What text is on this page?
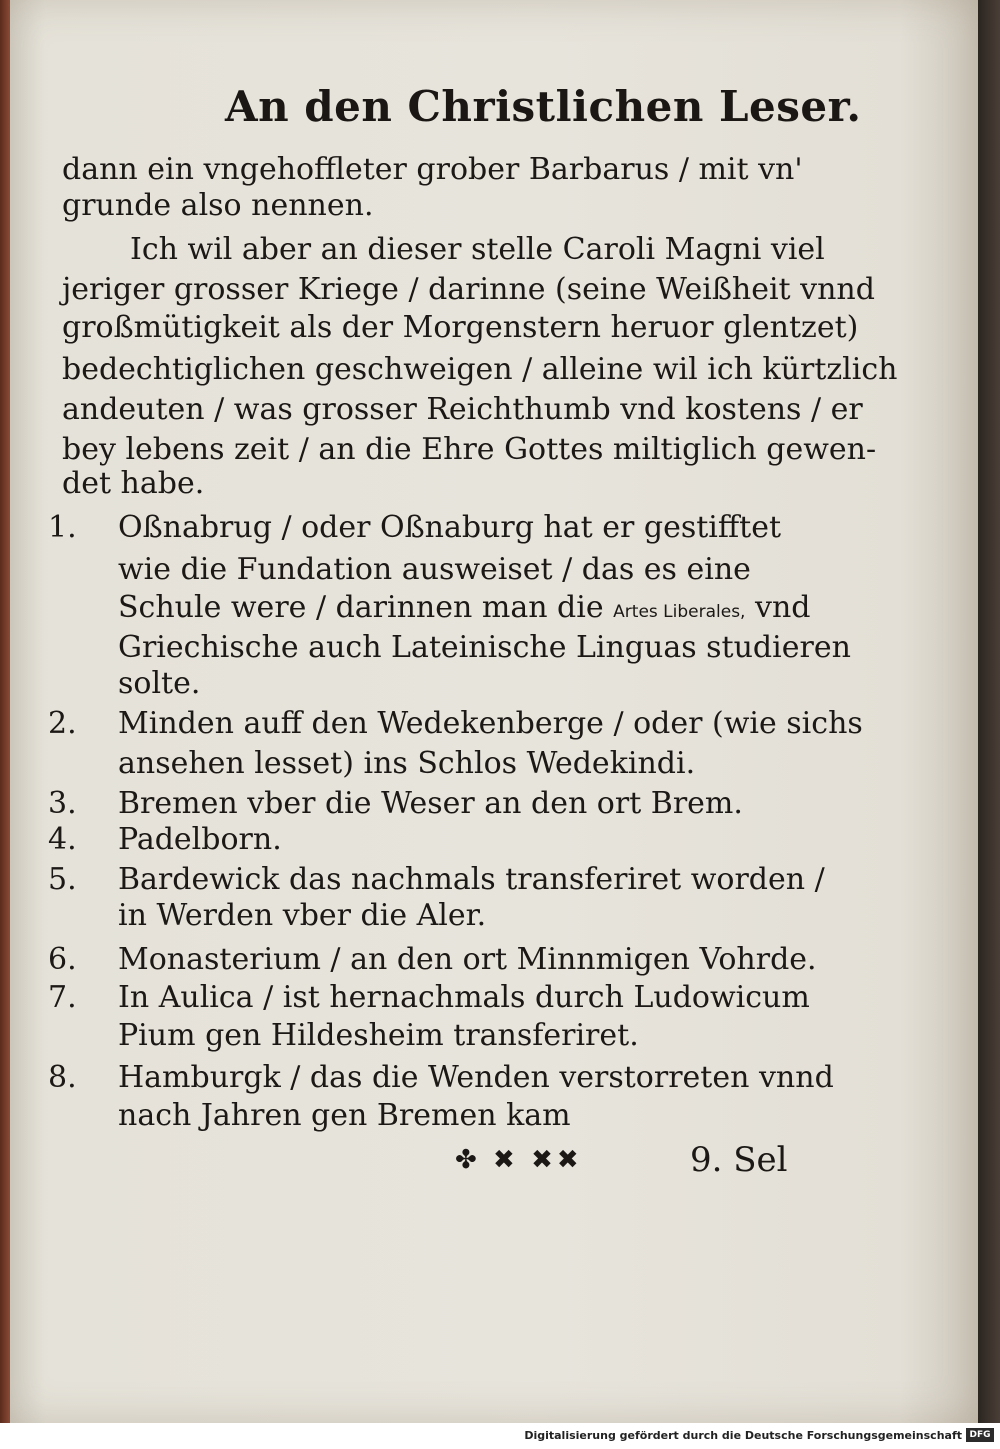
An den Christlichen Leser.
dann ein vngehoffleter grober Barbarus / mit vn'
grunde also nennen.
Ich wil aber an dieser stelle Caroli Magni viel
jeriger grosser Kriege / darinne (seine Weißheit vnnd
großmütigkeit als der Morgenstern heruor glentzet)
bedechtiglichen geschweigen / alleine wil ich kürtzlich
andeuten / was grosser Reichthumb vnd kostens / er
bey lebens zeit / an die Ehre Gottes miltiglich gewen-
det habe.
1.	Oßnabrug / oder Oßnaburg hat er gestifftet
wie die Fundation ausweiset / das es eine
Schule were / darinnen man die Artes Liberales, vnd
Griechische auch Lateinische Linguas studieren
solte.
2.	Minden auff den Wedekenberge / oder (wie sichs
ansehen lesset) ins Schlos Wedekindi.
3.	Bremen vber die Weser an den ort Brem.
4.	Padelborn.
5.	Bardewick das nachmals transferiret worden /
in Werden vber die Aler.
6.	Monasterium / an den ort Minnmigen Vohrde.
7.	In Aulica / ist hernachmals durch Ludowicum
Pium gen Hildesheim transferiret.
8.	Hamburgk / das die Wenden verstorreten vnnd
nach Jahren gen Bremen kam
✤ ✖ ✖✖	9. Sel
Digitalisierung gefördert durch die Deutsche Forschungsgemeinschaft DFG
